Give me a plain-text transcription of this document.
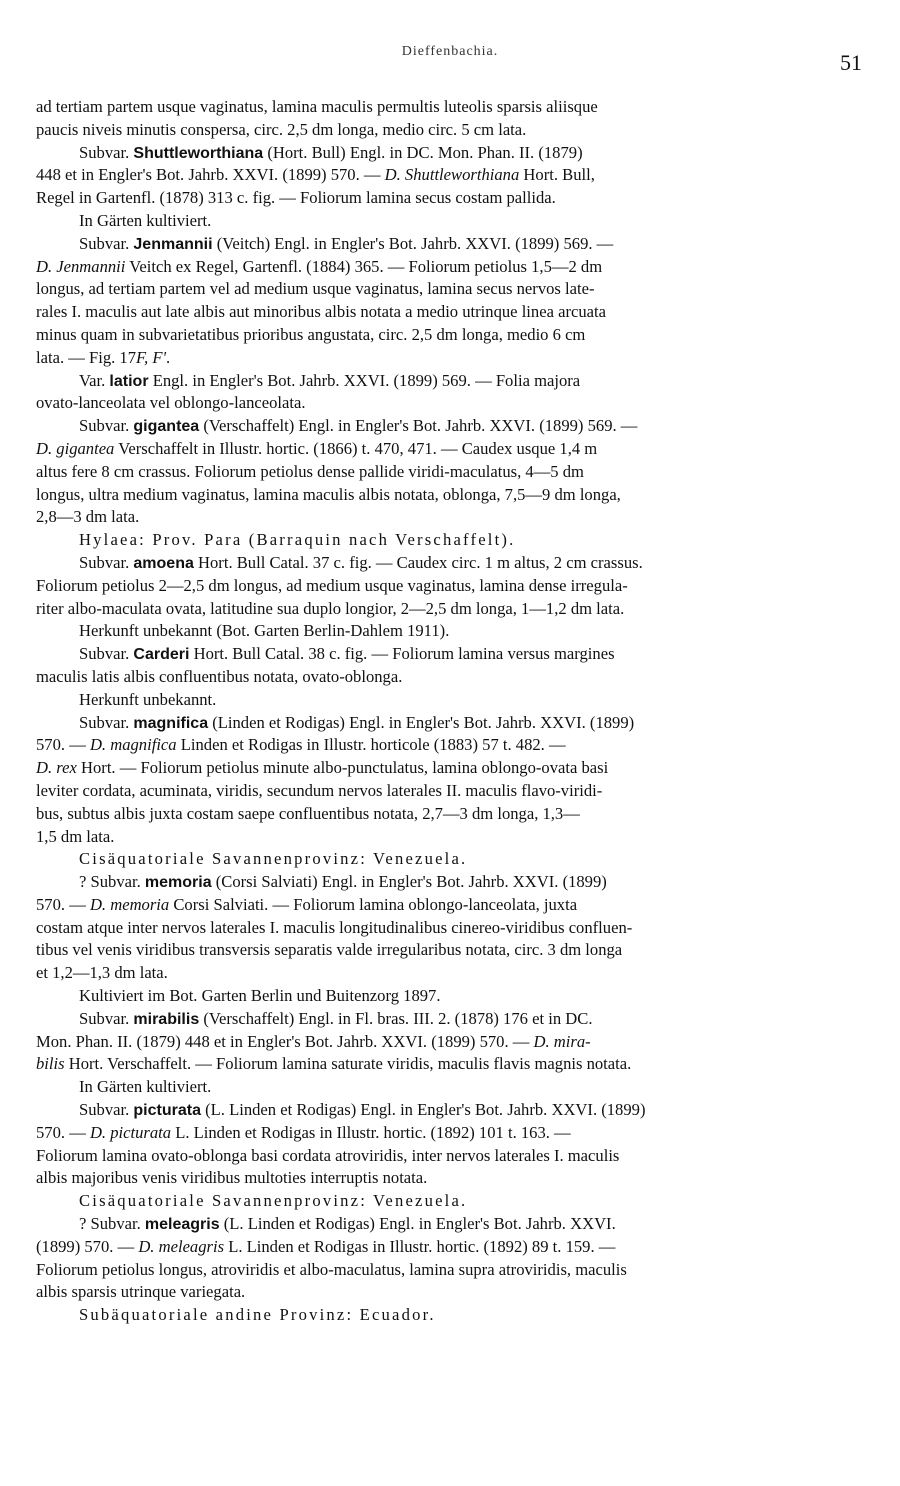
Dieffenbachia.	51
ad tertiam partem usque vaginatus, lamina maculis permultis luteolis sparsis aliisque
paucis niveis minutis conspersa, circ. 2,5 dm longa, medio circ. 5 cm lata.
Subvar. Shuttleworthiana (Hort. Bull) Engl. in DC. Mon. Phan. II. (1879)
448 et in Engler's Bot. Jahrb. XXVI. (1899) 570. — D. Shuttleworthiana Hort. Bull,
Regel in Gartenfl. (1878) 313 c. fig. — Foliorum lamina secus costam pallida.
In Gärten kultiviert.
Subvar. Jenmannii (Veitch) Engl. in Engler's Bot. Jahrb. XXVI. (1899) 569. —
D. Jenmannii Veitch ex Regel, Gartenfl. (1884) 365. — Foliorum petiolus 1,5—2 dm
longus, ad tertiam partem vel ad medium usque vaginatus, lamina secus nervos late-
rales I. maculis aut late albis aut minoribus albis notata a medio utrinque linea arcuata
minus quam in subvarietatibus prioribus angustata, circ. 2,5 dm longa, medio 6 cm
lata. — Fig. 17F, F'.
Var. latior Engl. in Engler's Bot. Jahrb. XXVI. (1899) 569. — Folia majora
ovato-lanceolata vel oblongo-lanceolata.
Subvar. gigantea (Verschaffelt) Engl. in Engler's Bot. Jahrb. XXVI. (1899) 569. —
D. gigantea Verschaffelt in Illustr. hortic. (1866) t. 470, 471. — Caudex usque 1,4 m
altus fere 8 cm crassus. Foliorum petiolus dense pallide viridi-maculatus, 4—5 dm
longus, ultra medium vaginatus, lamina maculis albis notata, oblonga, 7,5—9 dm longa,
2,8—3 dm lata.
Hylaea: Prov. Para (Barraquin nach Verschaffelt).
Subvar. amoena Hort. Bull Catal. 37 c. fig. — Caudex circ. 1 m altus, 2 cm crassus.
Foliorum petiolus 2—2,5 dm longus, ad medium usque vaginatus, lamina dense irregula-
riter albo-maculata ovata, latitudine sua duplo longior, 2—2,5 dm longa, 1—1,2 dm lata.
Herkunft unbekannt (Bot. Garten Berlin-Dahlem 1911).
Subvar. Carderi Hort. Bull Catal. 38 c. fig. — Foliorum lamina versus margines
maculis latis albis confluentibus notata, ovato-oblonga.
Herkunft unbekannt.
Subvar. magnifica (Linden et Rodigas) Engl. in Engler's Bot. Jahrb. XXVI. (1899)
570. — D. magnifica Linden et Rodigas in Illustr. horticole (1883) 57 t. 482. —
D. rex Hort. — Foliorum petiolus minute albo-punctulatus, lamina oblongo-ovata basi
leviter cordata, acuminata, viridis, secundum nervos laterales II. maculis flavo-viridi-
bus, subtus albis juxta costam saepe confluentibus notata, 2,7—3 dm longa, 1,3—
1,5 dm lata.
Cisäquatoriale Savannenprovinz: Venezuela.
? Subvar. memoria (Corsi Salviati) Engl. in Engler's Bot. Jahrb. XXVI. (1899)
570. — D. memoria Corsi Salviati. — Foliorum lamina oblongo-lanceolata, juxta
costam atque inter nervos laterales I. maculis longitudinalibus cinereo-viridibus confluen-
tibus vel venis viridibus transversis separatis valde irregularibus notata, circ. 3 dm longa
et 1,2—1,3 dm lata.
Kultiviert im Bot. Garten Berlin und Buitenzorg 1897.
Subvar. mirabilis (Verschaffelt) Engl. in Fl. bras. III. 2. (1878) 176 et in DC.
Mon. Phan. II. (1879) 448 et in Engler's Bot. Jahrb. XXVI. (1899) 570. — D. mira-
bilis Hort. Verschaffelt. — Foliorum lamina saturate viridis, maculis flavis magnis notata.
In Gärten kultiviert.
Subvar. picturata (L. Linden et Rodigas) Engl. in Engler's Bot. Jahrb. XXVI. (1899)
570. — D. picturata L. Linden et Rodigas in Illustr. hortic. (1892) 101 t. 163. —
Foliorum lamina ovato-oblonga basi cordata atroviridis, inter nervos laterales I. maculis
albis majoribus venis viridibus multoties interruptis notata.
Cisäquatoriale Savannenprovinz: Venezuela.
? Subvar. meleagris (L. Linden et Rodigas) Engl. in Engler's Bot. Jahrb. XXVI.
(1899) 570. — D. meleagris L. Linden et Rodigas in Illustr. hortic. (1892) 89 t. 159. —
Foliorum petiolus longus, atroviridis et albo-maculatus, lamina supra atroviridis, maculis
albis sparsis utrinque variegata.
Subäquatoriale andine Provinz: Ecuador.
